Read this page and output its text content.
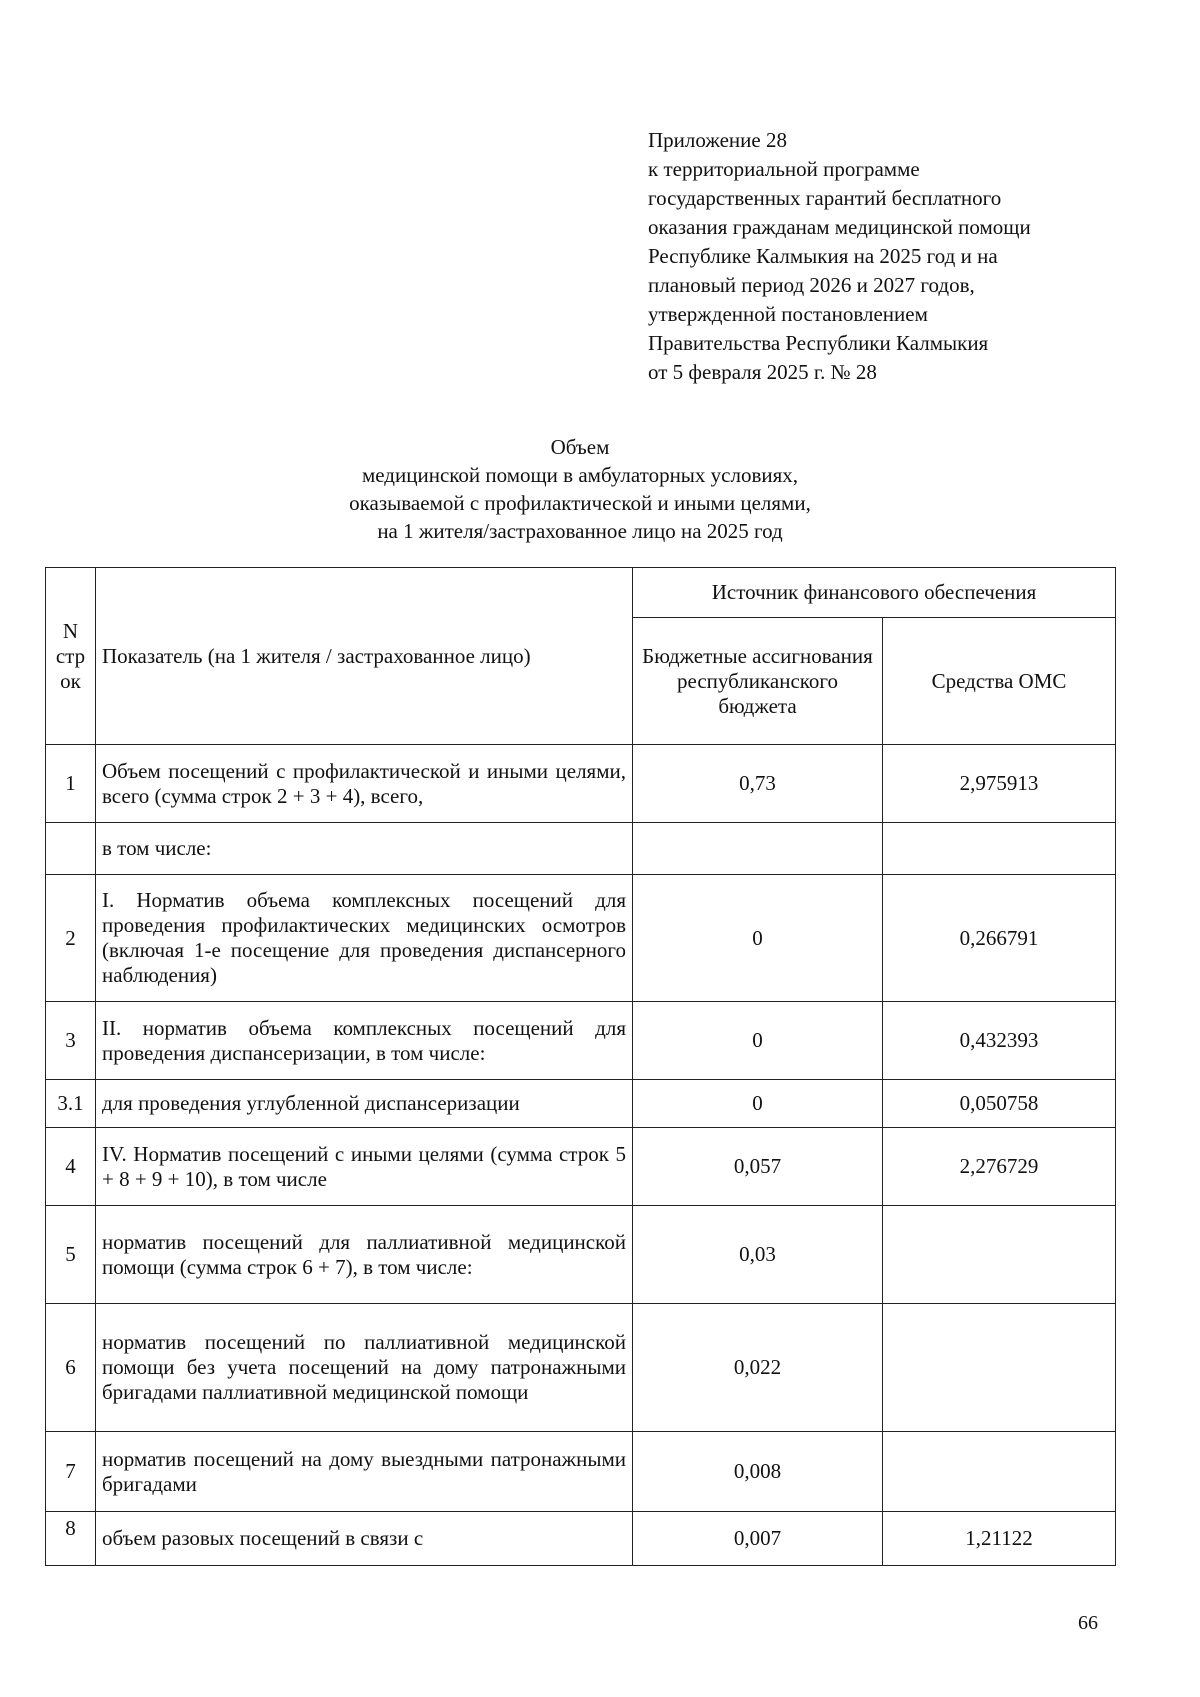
Приложение 28
к территориальной программе
государственных гарантий бесплатного
оказания гражданам медицинской помощи
Республике Калмыкия на 2025 год и на
плановый период 2026 и 2027 годов,
утвержденной постановлением
Правительства Республики Калмыкия
от 5 февраля 2025 г. № 28
Объем
медицинской помощи в амбулаторных условиях,
оказываемой с профилактической и иными целями,
на 1 жителя/застрахованное лицо на 2025 год
N стр ок	Показатель (на 1 жителя / застрахованное лицо)	Источник финансового обеспечения	
		Бюджетные ассигнования республиканского бюджета	Средства ОМС
1	Объем посещений с профилактической и иными целями, всего (сумма строк 2 + 3 + 4), всего,	0,73	2,975913
	в том числе:		
2	I. Норматив объема комплексных посещений для проведения профилактических медицинских осмотров (включая 1-е посещение для проведения диспансерного наблюдения)	0	0,266791
3	II. норматив объема комплексных посещений для проведения диспансеризации, в том числе:	0	0,432393
3.1	для проведения углубленной диспансеризации	0	0,050758
4	IV. Норматив посещений с иными целями (сумма строк 5 + 8 + 9 + 10), в том числе	0,057	2,276729
5	норматив посещений для паллиативной медицинской помощи (сумма строк 6 + 7), в том числе:	0,03	
6	норматив посещений по паллиативной медицинской помощи без учета посещений на дому патронажными бригадами паллиативной медицинской помощи	0,022	
7	норматив посещений на дому выездными патронажными бригадами	0,008	
8	объем разовых посещений в связи с	0,007	1,21122
66
